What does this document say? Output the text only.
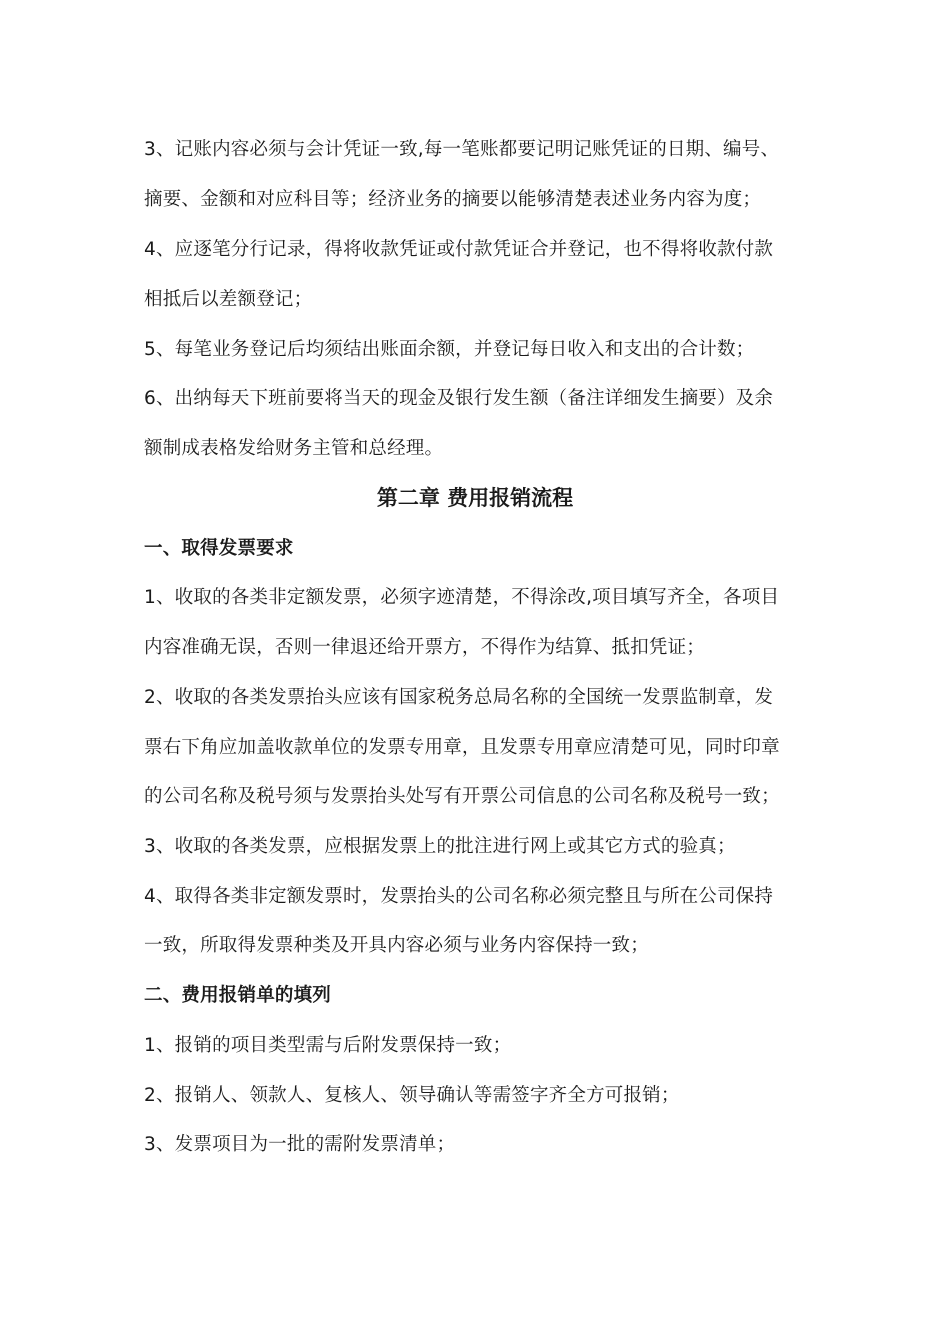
3、记账内容必须与会计凭证一致,每一笔账都要记明记账凭证的日期、编号、
摘要、金额和对应科目等；经济业务的摘要以能够清楚表述业务内容为度；
4、应逐笔分行记录，得将收款凭证或付款凭证合并登记，也不得将收款付款
相抵后以差额登记；
5、每笔业务登记后均须结出账面余额，并登记每日收入和支出的合计数；
6、出纳每天下班前要将当天的现金及银行发生额（备注详细发生摘要）及余
额制成表格发给财务主管和总经理。
第二章 费用报销流程
一、取得发票要求
1、收取的各类非定额发票，必须字迹清楚，不得涂改,项目填写齐全，各项目
内容准确无误，否则一律退还给开票方，不得作为结算、抵扣凭证；
2、收取的各类发票抬头应该有国家税务总局名称的全国统一发票监制章，发
票右下角应加盖收款单位的发票专用章，且发票专用章应清楚可见，同时印章
的公司名称及税号须与发票抬头处写有开票公司信息的公司名称及税号一致；
3、收取的各类发票，应根据发票上的批注进行网上或其它方式的验真；
4、取得各类非定额发票时，发票抬头的公司名称必须完整且与所在公司保持
一致，所取得发票种类及开具内容必须与业务内容保持一致；
二、费用报销单的填列
1、报销的项目类型需与后附发票保持一致；
2、报销人、领款人、复核人、领导确认等需签字齐全方可报销；
3、发票项目为一批的需附发票清单；
